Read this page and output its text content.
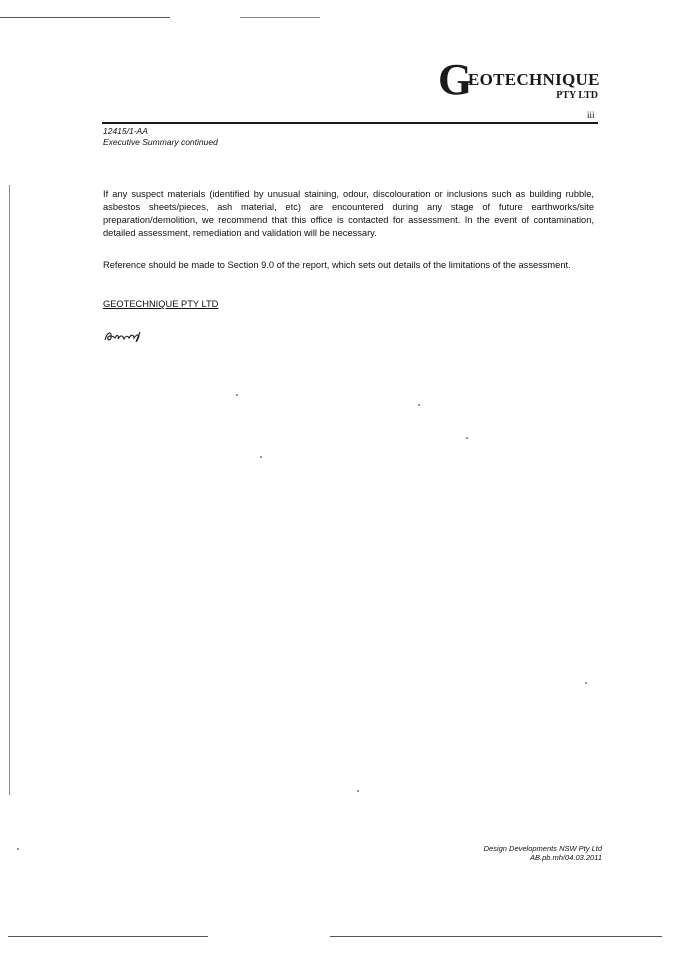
G
EOTECHNIQUE
PTY LTD
iii
12415/1-AA
Executive Summary continued
If any suspect materials (identified by unusual staining, odour, discolouration or inclusions such as building rubble, asbestos sheets/pieces, ash material, etc) are encountered during any stage of future earthworks/site preparation/demolition, we recommend that this office is contacted for assessment. In the event of contamination, detailed assessment, remediation and validation will be necessary.
Reference should be made to Section 9.0 of the report, which sets out details of the limitations of the assessment.
GEOTECHNIQUE PTY LTD
Design Developments NSW Pty Ltd
AB.pb.mh/04.03.2011
